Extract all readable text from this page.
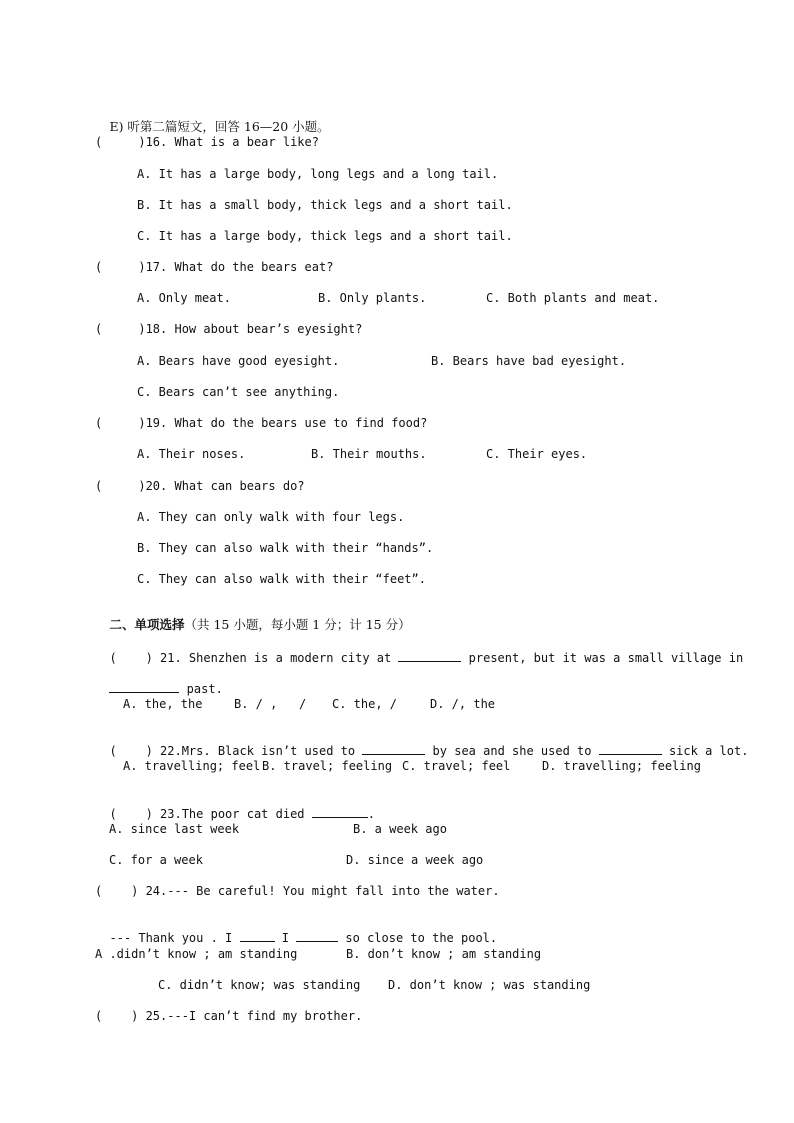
E) 听第二篇短文，回答 16—20 小题。

(     )16. What is a bear like?
A. It has a large body, long legs and a long tail.
B. It has a small body, thick legs and a short tail.
C. It has a large body, thick legs and a short tail.
(     )17. What do the bears eat?
A. Only meat.	B. Only plants.	C. Both plants and meat.
(     )18. How about bear’s eyesight?
A. Bears have good eyesight.	B. Bears have bad eyesight.
C. Bears can’t see anything.
(     )19. What do the bears use to find food?
A. Their noses.	B. Their mouths.	C. Their eyes.
(     )20. What can bears do?
A. They can only walk with four legs.
B. They can also walk with their “hands”.
C. They can also walk with their “feet”.

二、单项选择（共 15 小题，每小题 1 分；计 15 分）

(    ) 21. Shenzhen is a modern city at	present, but it was a small village in

past.

A. the, the	B. / ,   / C. the, /	D. /, the

(    ) 22.Mrs. Black isn’t used to	by sea and she used to	sick a lot.

A. travelling; feel B. travel; feeling C. travel; feel	D. travelling; feeling

(    ) 23.The poor cat died	.

A. since last week	B. a week ago
C. for a week	D. since a week ago
(    ) 24.--- Be careful! You might fall into the water.

--- Thank you . I	I	so close to the pool.

A .didn’t know ; am standing	B. don’t know ; am standing
C. didn’t know; was standing D. don’t know ; was standing
(    ) 25.---I can’t find my brother.
